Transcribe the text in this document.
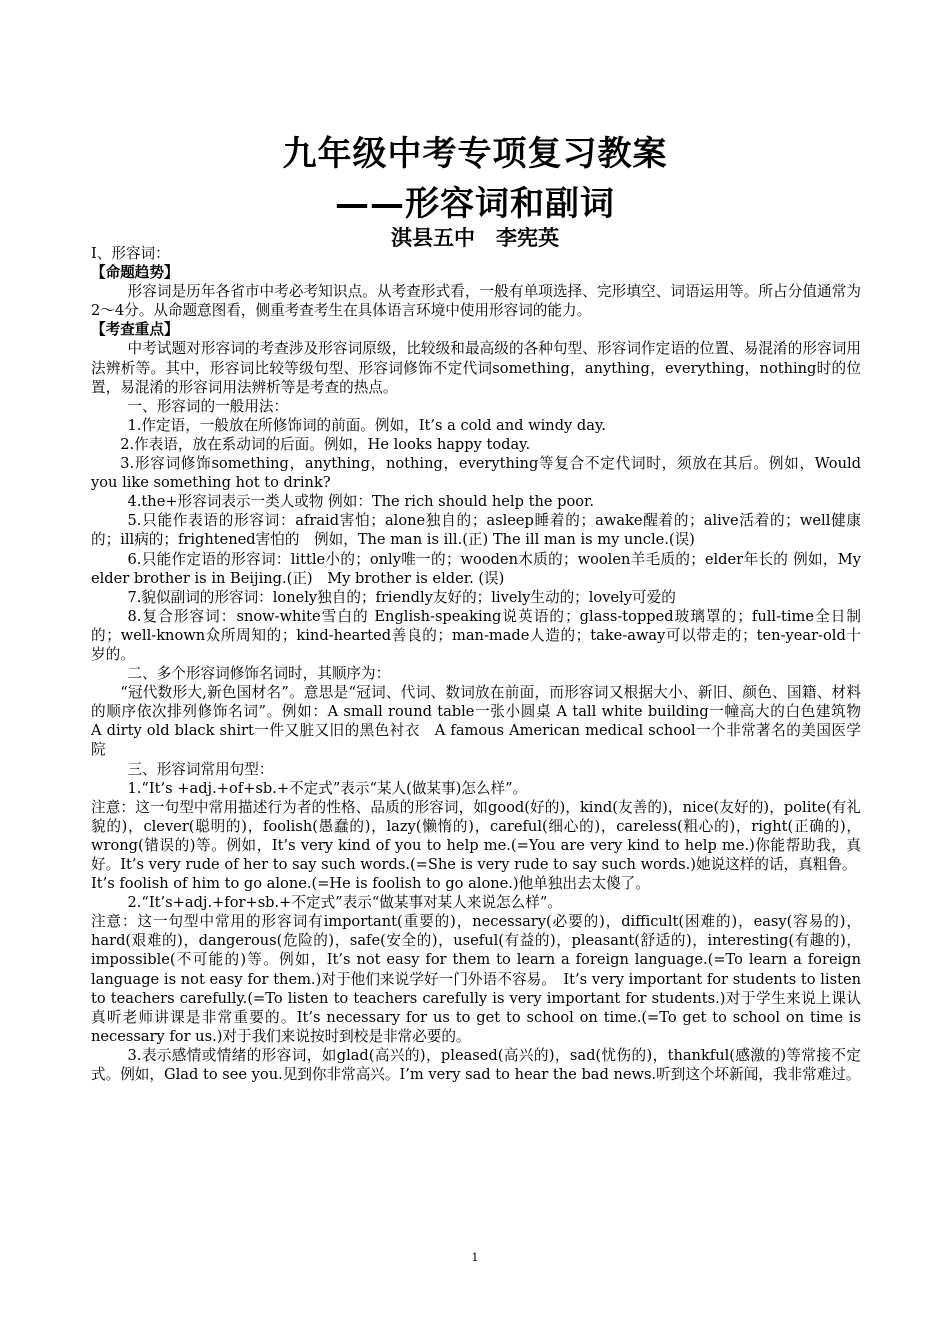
九年级中考专项复习教案
——形容词和副词
淇县五中　李宪英

Ⅰ、形容词：

【命题趋势】

形容词是历年各省市中考必考知识点。从考查形式看，一般有单项选择、完形填空、词语运用等。所占分值通常为2～4分。从命题意图看，侧重考查考生在具体语言环境中使用形容词的能力。

【考查重点】

中考试题对形容词的考查涉及形容词原级，比较级和最高级的各种句型、形容词作定语的位置、易混淆的形容词用法辨析等。其中，形容词比较等级句型、形容词修饰不定代词something，anything，everything，nothing时的位置，易混淆的形容词用法辨析等是考查的热点。

一、形容词的一般用法：

1.作定语，一般放在所修饰词的前面。例如，It’s a cold and windy day.

2.作表语，放在系动词的后面。例如，He looks happy today.

3.形容词修饰something，anything，nothing，everything等复合不定代词时，须放在其后。例如，Would you like something hot to drink?

4.the+形容词表示一类人或物 例如：The rich should help the poor.

5.只能作表语的形容词：afraid害怕；alone独自的；asleep睡着的；awake醒着的；alive活着的；well健康的；ill病的；frightened害怕的　例如，The man is ill.(正) The ill man is my uncle.(误)

6.只能作定语的形容词：little小的；only唯一的；wooden木质的；woolen羊毛质的；elder年长的 例如，My elder brother is in Beijing.(正)　My brother is elder. (误)

7.貌似副词的形容词：lonely独自的；friendly友好的；lively生动的；lovely可爱的

8.复合形容词：snow-white雪白的 English-speaking说英语的；glass-topped玻璃罩的；full-time全日制的；well-known众所周知的；kind-hearted善良的；man-made人造的；take-away可以带走的；ten-year-old十岁的。

二、多个形容词修饰名词时，其顺序为：

“冠代数形大,新色国材名”。意思是“冠词、代词、数词放在前面，而形容词又根据大小、新旧、颜色、国籍、材料的顺序依次排列修饰名词”。例如：A small round table一张小圆桌 A tall white building一幢高大的白色建筑物　A dirty old black shirt一件又脏又旧的黑色衬衣　A famous American medical school一个非常著名的美国医学院

三、形容词常用句型：

1.“It’s +adj.+of+sb.+不定式”表示“某人(做某事)怎么样”。

注意：这一句型中常用描述行为者的性格、品质的形容词，如good(好的)，kind(友善的)，nice(友好的)，polite(有礼貌的)，clever(聪明的)，foolish(愚蠢的)，lazy(懒惰的)，careful(细心的)，careless(粗心的)，right(正确的)，wrong(错误的)等。例如，It’s very kind of you to help me.(=You are very kind to help me.)你能帮助我，真好。It’s very rude of her to say such words.(=She is very rude to say such words.)她说这样的话，真粗鲁。

It’s foolish of him to go alone.(=He is foolish to go alone.)他单独出去太傻了。

2.“It’s+adj.+for+sb.+不定式”表示“做某事对某人来说怎么样”。

注意：这一句型中常用的形容词有important(重要的)，necessary(必要的)，difficult(困难的)，easy(容易的)，hard(艰难的)，dangerous(危险的)，safe(安全的)，useful(有益的)，pleasant(舒适的)，interesting(有趣的)，impossible(不可能的)等。例如，It’s not easy for them to learn a foreign language.(=To learn a foreign language is not easy for them.)对于他们来说学好一门外语不容易。　It’s very important for students to listen to teachers carefully.(=To listen to teachers carefully is very important for students.)对于学生来说上课认真听老师讲课是非常重要的。It’s necessary for us to get to school on time.(=To get to school on time is necessary for us.)对于我们来说按时到校是非常必要的。

3.表示感情或情绪的形容词，如glad(高兴的)，pleased(高兴的)，sad(忧伤的)，thankful(感激的)等常接不定式。例如，Glad to see you.见到你非常高兴。I’m very sad to hear the bad news.听到这个坏新闻，我非常难过。

1
